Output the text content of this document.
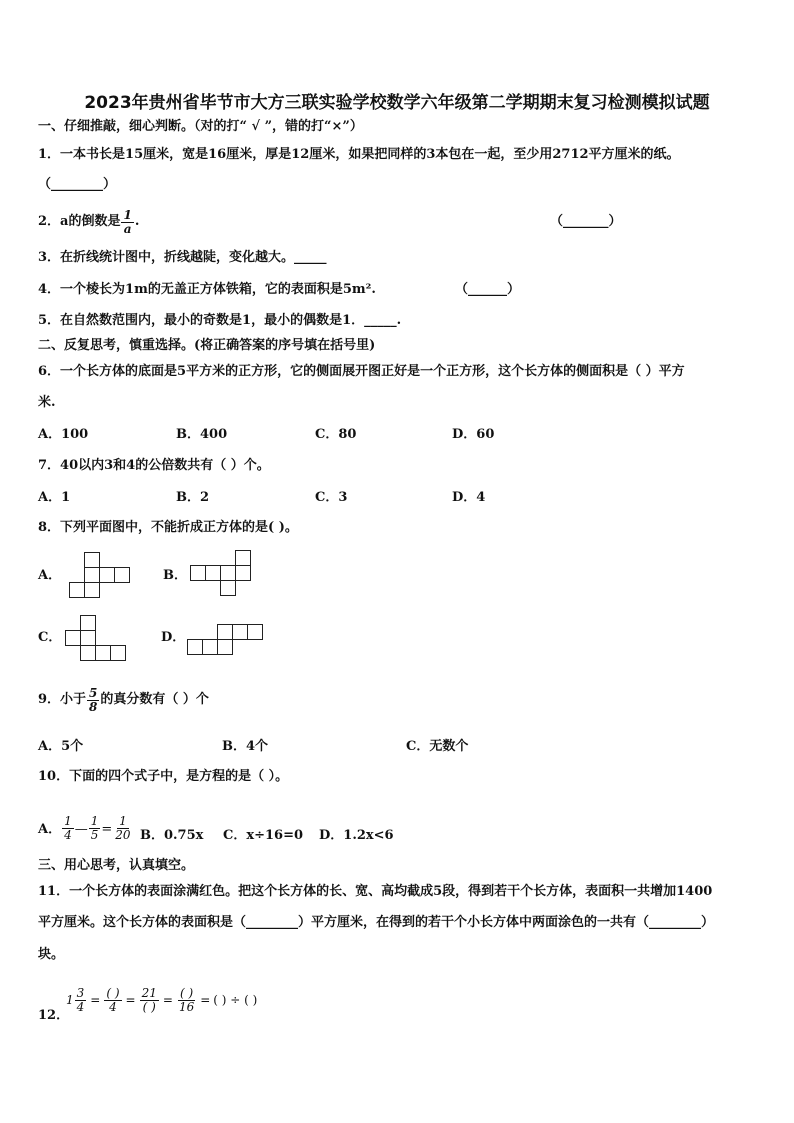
2023年贵州省毕节市大方三联实验学校数学六年级第二学期期末复习检测模拟试题
一、仔细推敲，细心判断。（对的打“ √ ”，错的打“×”）
1．一本书长是15厘米，宽是16厘米，厚是12厘米，如果把同样的3本包在一起，至少用2712平方厘米的纸。
（________）
2．a的倒数是 $\frac{1}{a}$ .	（_______）
3．在折线统计图中，折线越陡，变化越大。_____
4．一个棱长为1m的无盖正方体铁箱，它的表面积是5m².	（______）
5．在自然数范围内，最小的奇数是1，最小的偶数是1．_____.
二、反复思考，慎重选择。(将正确答案的序号填在括号里)
6．一个长方体的底面是5平方米的正方形，它的侧面展开图正好是一个正方形，这个长方体的侧面积是（ ）平方
米.
A．100	B．400	C．80	D．60
7．40以内3和4的公倍数共有（ ）个。
A．1	B．2	C．3	D．4
8．下列平面图中，不能折成正方体的是( )。
A．	B．
C．	D．
9．小于 $\frac{5}{8}$ 的真分数有（ ）个
A．5个	B．4个	C．无数个
10．下面的四个式子中，是方程的是（ ）。
A． $\frac{1}{4}$ — $\frac{1}{5} = \frac{1}{20}$ B．0.75x C．x÷16=0 D．1.2x<6
三、用心思考，认真填空。
11．一个长方体的表面涂满红色。把这个长方体的长、宽、高均截成5段，得到若干个长方体，表面积一共增加1400
平方厘米。这个长方体的表面积是（________）平方厘米，在得到的若干个小长方体中两面涂色的一共有（________）
块。
12．
$1 \frac{3}{4} = \frac{( )}{4} = \frac{21}{( )} = \frac{( )}{16}$ = ( ) ÷ ( )
